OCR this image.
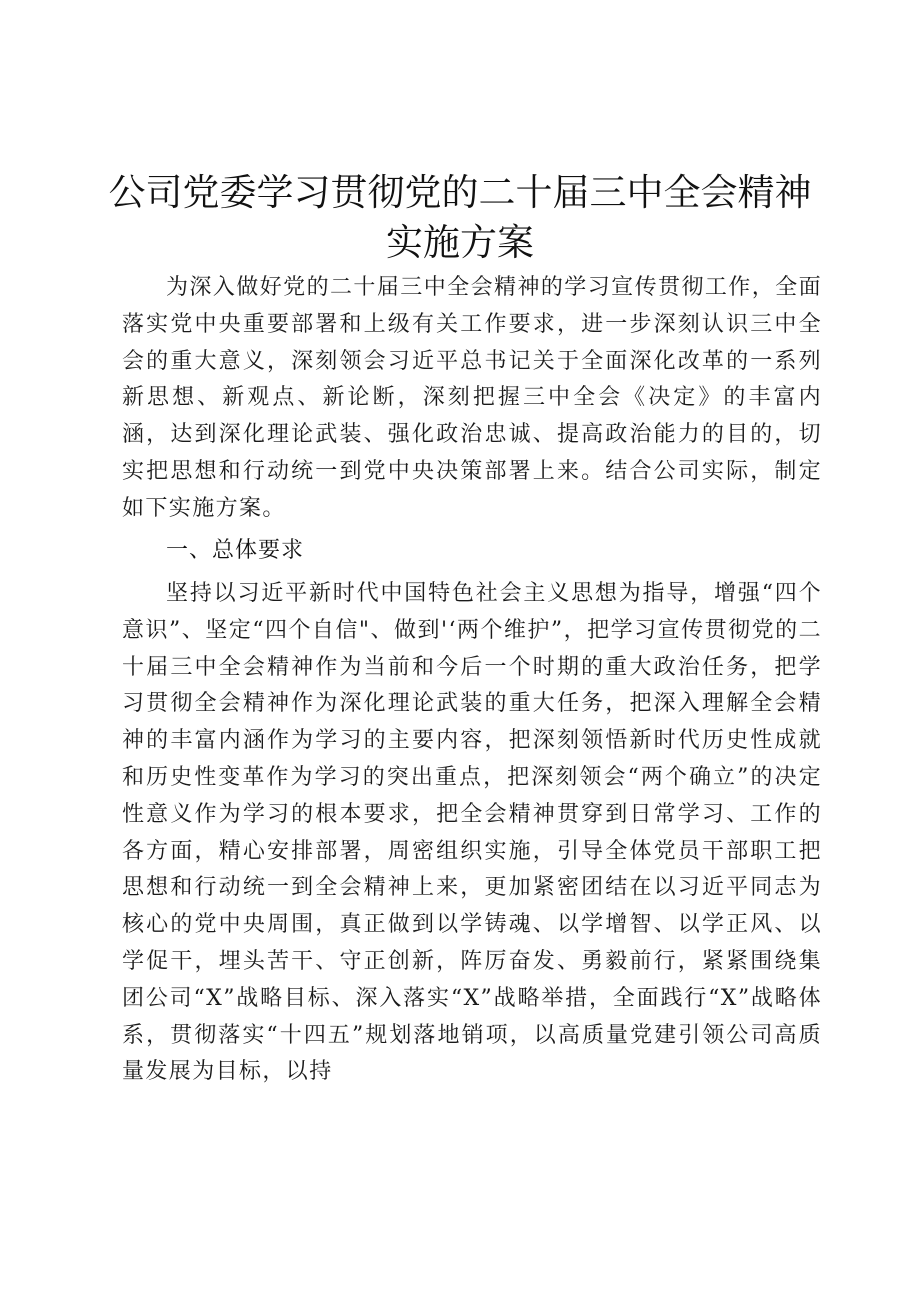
公司党委学习贯彻党的二十届三中全会精神实施方案

为深入做好党的二十届三中全会精神的学习宣传贯彻工作，全面落实党中央重要部署和上级有关工作要求，进一步深刻认识三中全会的重大意义，深刻领会习近平总书记关于全面深化改革的一系列新思想、新观点、新论断，深刻把握三中全会《决定》的丰富内涵，达到深化理论武装、强化政治忠诚、提高政治能力的目的，切实把思想和行动统一到党中央决策部署上来。结合公司实际，制定如下实施方案。

一、总体要求

坚持以习近平新时代中国特色社会主义思想为指导，增强“四个意识”、坚定“四个自信"、做到'‘两个维护”，把学习宣传贯彻党的二十届三中全会精神作为当前和今后一个时期的重大政治任务，把学习贯彻全会精神作为深化理论武装的重大任务，把深入理解全会精神的丰富内涵作为学习的主要内容，把深刻领悟新时代历史性成就和历史性变革作为学习的突出重点，把深刻领会“两个确立”的决定性意义作为学习的根本要求，把全会精神贯穿到日常学习、工作的各方面，精心安排部署，周密组织实施，引导全体党员干部职工把思想和行动统一到全会精神上来，更加紧密团结在以习近平同志为核心的党中央周围，真正做到以学铸魂、以学增智、以学正风、以学促干，埋头苦干、守正创新，阵厉奋发、勇毅前行，紧紧围绕集团公司“X”战略目标、深入落实“X”战略举措，全面践行“X”战略体系，贯彻落实“十四五”规划落地销项，以高质量党建引领公司高质量发展为目标，以持
